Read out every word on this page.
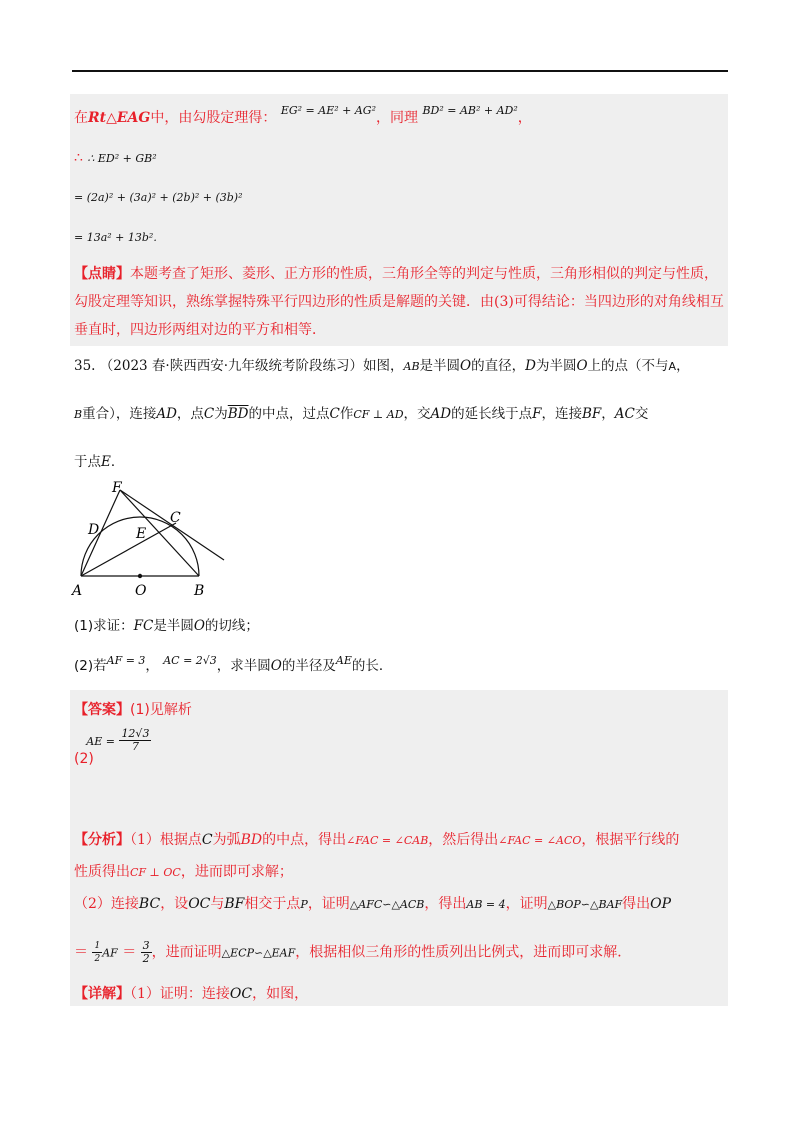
在Rt△EAG中，由勾股定理得： $^{EG^2 = AE^2 + AG^2}$，同理 $^{BD^2 = AB^2 + AD^2}$，
∴ ∴ ED² + GB²
= (2a)² + (3a)² + (2b)² + (3b)²
= 13a² + 13b².
【点睛】本题考查了矩形、菱形、正方形的性质，三角形全等的判定与性质，三角形相似的判定与性质，
勾股定理等知识，熟练掌握特殊平行四边形的性质是解题的关键．由(3)可得结论：当四边形的对角线相互
垂直时，四边形两组对边的平方和相等．
35. （2023 春·陕西西安·九年级统考阶段练习）如图，AB是半圆O的直径，D为半圆O上的点（不与A，
B重合），连接AD，点C为$\overline{BD}$的中点，过点C作CF ⊥ AD，交AD的延长线于点F，连接BF，AC交
于点E．
F
D
C
E
A	O	B
(1)求证：FC是半圆O的切线；
(2)若$^{AF = 3}$， $^{AC = 2√3}$，求半圆O的半径及$^{AE}$的长．
【答案】(1)见解析
(2) $^{AE =} \frac{12√3}{7}$
【分析】（1）根据点C为弧BD的中点，得出∠FAC = ∠CAB，然后得出∠FAC = ∠ACO，根据平行线的
性质得出CF ⊥ OC，进而即可求解；
（2）连接BC，设OC与BF相交于点P，证明△AFC∽△ACB，得出AB = 4，证明△BOP∽△BAF得出OP
＝ $\frac{1}{2}$ AF ＝ $\frac{3}{2}$ ，进而证明△ECP∽△EAF，根据相似三角形的性质列出比例式，进而即可求解．
【详解】（1）证明：连接OC，如图，
